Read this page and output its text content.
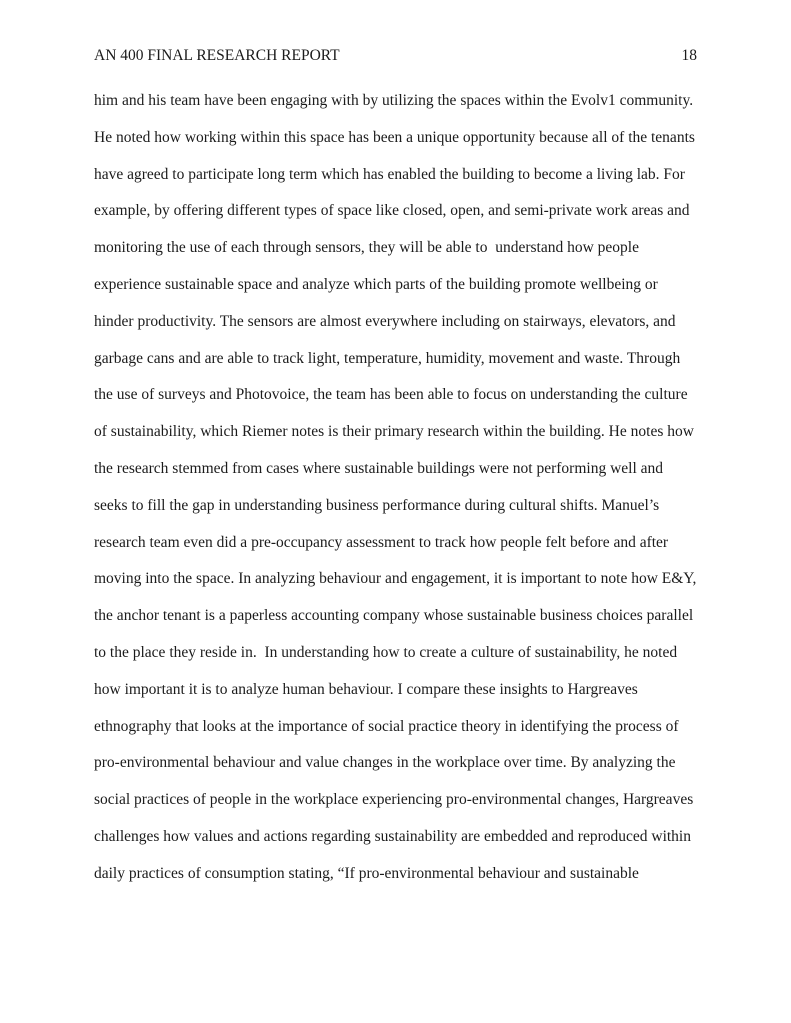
AN 400 FINAL RESEARCH REPORT	18
him and his team have been engaging with by utilizing the spaces within the Evolv1 community.
He noted how working within this space has been a unique opportunity because all of the tenants
have agreed to participate long term which has enabled the building to become a living lab. For
example, by offering different types of space like closed, open, and semi-private work areas and
monitoring the use of each through sensors, they will be able to  understand how people
experience sustainable space and analyze which parts of the building promote wellbeing or
hinder productivity. The sensors are almost everywhere including on stairways, elevators, and
garbage cans and are able to track light, temperature, humidity, movement and waste. Through
the use of surveys and Photovoice, the team has been able to focus on understanding the culture
of sustainability, which Riemer notes is their primary research within the building. He notes how
the research stemmed from cases where sustainable buildings were not performing well and
seeks to fill the gap in understanding business performance during cultural shifts. Manuel’s
research team even did a pre-occupancy assessment to track how people felt before and after
moving into the space. In analyzing behaviour and engagement, it is important to note how E&Y,
the anchor tenant is a paperless accounting company whose sustainable business choices parallel
to the place they reside in.  In understanding how to create a culture of sustainability, he noted
how important it is to analyze human behaviour. I compare these insights to Hargreaves
ethnography that looks at the importance of social practice theory in identifying the process of
pro-environmental behaviour and value changes in the workplace over time. By analyzing the
social practices of people in the workplace experiencing pro-environmental changes, Hargreaves
challenges how values and actions regarding sustainability are embedded and reproduced within
daily practices of consumption stating, “If pro-environmental behaviour and sustainable
